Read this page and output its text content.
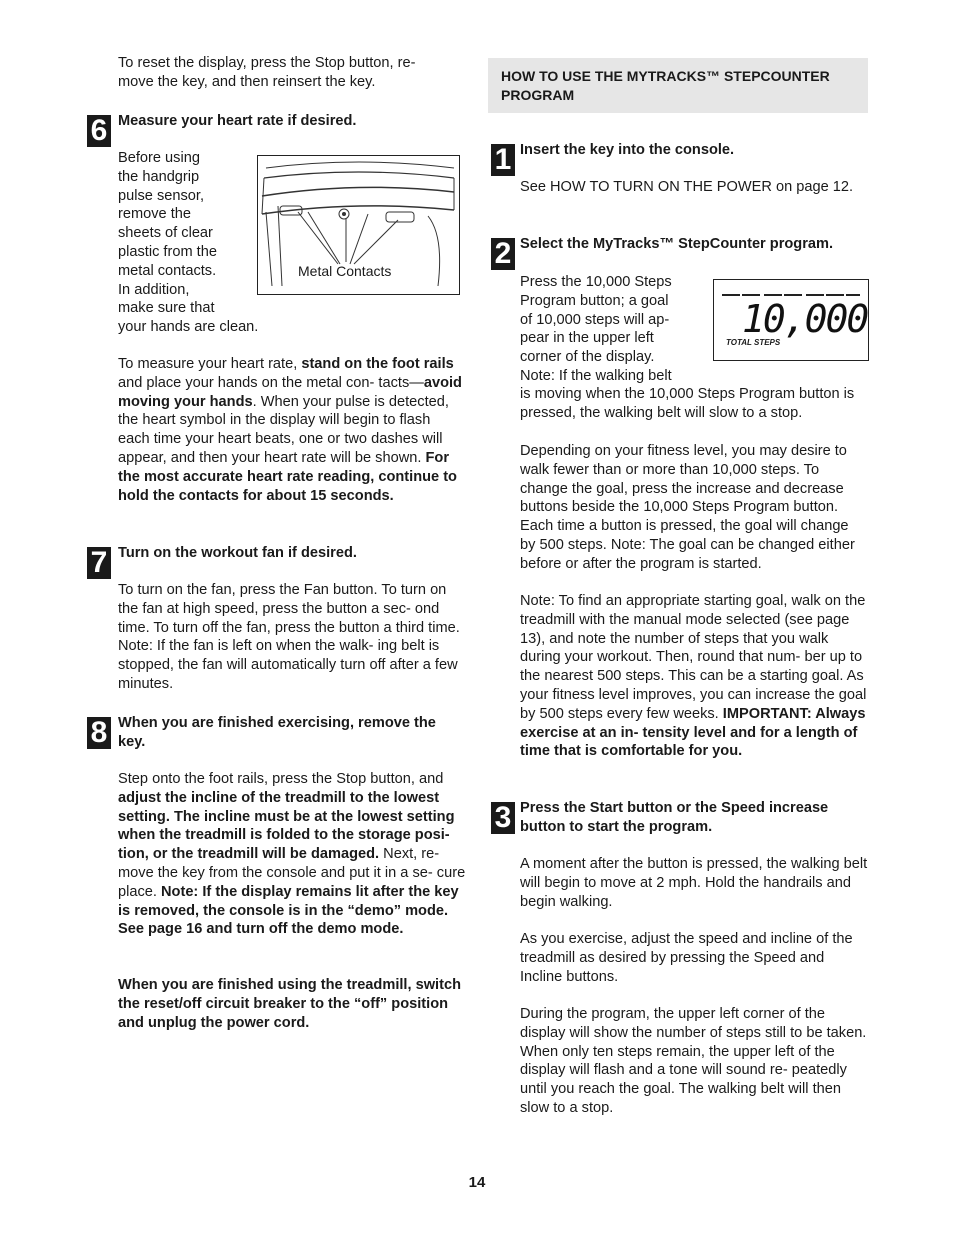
To reset the display, press the Stop button, re- move the key, and then reinsert the key.

6 Measure your heart rate if desired.

Before using
the handgrip
pulse sensor,
remove the
sheets of clear
plastic from the
metal contacts.
In addition,
make sure that
your hands are clean.
Metal Contacts

To measure your heart rate, stand on the foot rails and place your hands on the metal con- tacts—avoid moving your hands. When your pulse is detected, the heart symbol in the display will begin to flash each time your heart beats, one or two dashes will appear, and then your heart rate will be shown. For the most accurate heart rate reading, continue to hold the contacts for about 15 seconds.

7 Turn on the workout fan if desired.

To turn on the fan, press the Fan button. To turn on the fan at high speed, press the button a sec- ond time. To turn off the fan, press the button a third time. Note: If the fan is left on when the walk- ing belt is stopped, the fan will automatically turn off after a few minutes.

8 When you are finished exercising, remove the key.

Step onto the foot rails, press the Stop button, and adjust the incline of the treadmill to the lowest setting. The incline must be at the lowest setting when the treadmill is folded to the storage posi- tion, or the treadmill will be damaged. Next, re- move the key from the console and put it in a se- cure place. Note: If the display remains lit after the key is removed, the console is in the “demo” mode. See page 16 and turn off the demo mode.

When you are finished using the treadmill, switch the reset/off circuit breaker to the “off” position and unplug the power cord.

HOW TO USE THE MYTRACKS™ STEPCOUNTER PROGRAM
1 Insert the key into the console.

See HOW TO TURN ON THE POWER on page 12.

2 Select the MyTracks™ StepCounter program.

Press the 10,000 Steps
Program button; a goal
of 10,000 steps will ap-
pear in the upper left
corner of the display.
Note: If the walking belt

is moving when the 10,000 Steps Program button is pressed, the walking belt will slow to a stop.

10,000
TOTAL STEPS

Depending on your fitness level, you may desire to walk fewer than or more than 10,000 steps. To change the goal, press the increase and decrease buttons beside the 10,000 Steps Program button. Each time a button is pressed, the goal will change by 500 steps. Note: The goal can be changed either before or after the program is started.

Note: To find an appropriate starting goal, walk on the treadmill with the manual mode selected (see page 13), and note the number of steps that you walk during your workout. Then, round that num- ber up to the nearest 500 steps. This can be a starting goal. As your fitness level improves, you can increase the goal by 500 steps every few weeks. IMPORTANT: Always exercise at an in- tensity level and for a length of time that is comfortable for you.

3 Press the Start button or the Speed increase button to start the program.

A moment after the button is pressed, the walking belt will begin to move at 2 mph. Hold the handrails and begin walking.

As you exercise, adjust the speed and incline of the treadmill as desired by pressing the Speed and Incline buttons.

During the program, the upper left corner of the display will show the number of steps still to be taken. When only ten steps remain, the upper left of the display will flash and a tone will sound re- peatedly until you reach the goal. The walking belt will then slow to a stop.

14
